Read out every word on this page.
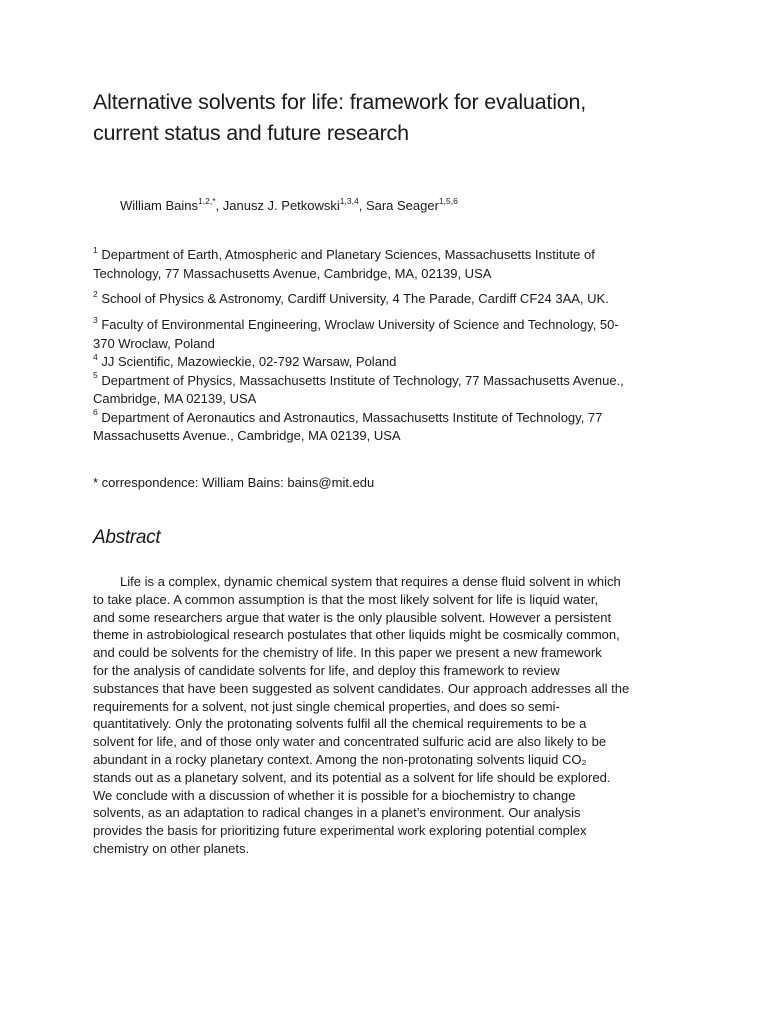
Alternative solvents for life: framework for evaluation,
current status and future research
William Bains$^{1,2,*}$, Janusz J. Petkowski$^{1,3,4}$, Sara Seager$^{1,5,6}$
$^1$ Department of Earth, Atmospheric and Planetary Sciences, Massachusetts Institute of
Technology, 77 Massachusetts Avenue, Cambridge, MA, 02139, USA
$^2$ School of Physics & Astronomy, Cardiff University, 4 The Parade, Cardiff CF24 3AA, UK.
$^3$ Faculty of Environmental Engineering, Wroclaw University of Science and Technology, 50-
370 Wroclaw, Poland
$^4$ JJ Scientific, Mazowieckie, 02-792 Warsaw, Poland
$^5$ Department of Physics, Massachusetts Institute of Technology, 77 Massachusetts Avenue.,
Cambridge, MA 02139, USA
$^6$ Department of Aeronautics and Astronautics, Massachusetts Institute of Technology, 77
Massachusetts Avenue., Cambridge, MA 02139, USA
* correspondence: William Bains: bains@mit.edu
Abstract
Life is a complex, dynamic chemical system that requires a dense fluid solvent in which
to take place. A common assumption is that the most likely solvent for life is liquid water,
and some researchers argue that water is the only plausible solvent. However a persistent
theme in astrobiological research postulates that other liquids might be cosmically common,
and could be solvents for the chemistry of life. In this paper we present a new framework
for the analysis of candidate solvents for life, and deploy this framework to review
substances that have been suggested as solvent candidates. Our approach addresses all the
requirements for a solvent, not just single chemical properties, and does so semi-
quantitatively. Only the protonating solvents fulfil all the chemical requirements to be a
solvent for life, and of those only water and concentrated sulfuric acid are also likely to be
abundant in a rocky planetary context. Among the non-protonating solvents liquid CO₂
stands out as a planetary solvent, and its potential as a solvent for life should be explored.
We conclude with a discussion of whether it is possible for a biochemistry to change
solvents, as an adaptation to radical changes in a planet’s environment. Our analysis
provides the basis for prioritizing future experimental work exploring potential complex
chemistry on other planets.
